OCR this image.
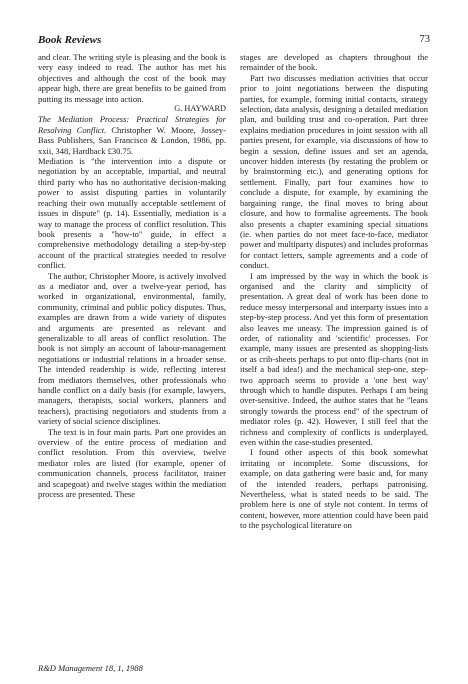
Book Reviews	73

and clear. The writing style is pleasing and the book is very easy indeed to read. The author has met his objectives and although the cost of the book may appear high, there are great benefits to be gained from putting its message into action.

G. HAYWARD

The Mediation Process: Practical Strategies for Resolving Conflict. Christopher W. Moore, Jossey-Bass Publishers, San Francisco & London, 1986, pp. xxii, 348, Hardback £30.75.

Mediation is "the intervention into a dispute or negotiation by an acceptable, impartial, and neutral third party who has no authoritative decision-making power to assist disputing parties in voluntarily reaching their own mutually acceptable settlement of issues in dispute" (p. 14). Essentially, mediation is a way to manage the process of conflict resolution. This book presents a "how-to" guide, in effect a comprehensive methodology detailing a step-by-step account of the practical strategies needed to resolve conflict.

The author, Christopher Moore, is actively involved as a mediator and, over a twelve-year period, has worked in organizational, environmental, family, community, criminal and public policy disputes. Thus, examples are drawn from a wide variety of disputes and arguments are presented as relevant and generalizable to all areas of conflict resolution. The book is not simply an account of labour-management negotiations or industrial relations in a broader sense. The intended readership is wide, reflecting interest from mediators themselves, other professionals who handle conflict on a daily basis (for example, lawyers, managers, therapists, social workers, planners and teachers), practising negotiators and students from a variety of social science disciplines.

The text is in four main parts. Part one provides an overview of the entire process of mediation and conflict resolution. From this overview, twelve mediator roles are listed (for example, opener of communication channels, process facilitator, trainer and scapegoat) and twelve stages within the mediation process are presented. These

stages are developed as chapters throughout the remainder of the book.

Part two discusses mediation activities that occur prior to joint negotiations between the disputing parties, for example, forming initial contacts, strategy selection, data analysis, designing a detailed mediation plan, and building trust and co-operation. Part three explains mediation procedures in joint session with all parties present, for example, via discussions of how to begin a session, define issues and set an agenda, uncover hidden interests (by restating the problem or by brainstorming etc.), and generating options for settlement. Finally, part four examines how to conclude a dispute, for example, by examining the bargaining range, the final moves to bring about closure, and how to formalise agreements. The book also presents a chapter examining special situations (ie. when parties do not meet face-to-face, mediator power and multiparty disputes) and includes proformas for contact letters, sample agreements and a code of conduct.

I am impressed by the way in which the book is organised and the clarity and simplicity of presentation. A great deal of work has been done to reduce messy interpersonal and interparty issues into a step-by-step process. And yet this form of presentation also leaves me uneasy. The impression gained is of order, of rationality and 'scientific' processes. For example, many issues are presented as shopping-lists or as crib-sheets perhaps to put onto flip-charts (not in itself a bad idea!) and the mechanical step-one, step-two approach seems to provide a 'one best way' through which to handle disputes. Perhaps I am being over-sensitive. Indeed, the author states that he "leans strongly towards the process end" of the spectrum of mediator roles (p. 42). However, I still feel that the richness and complexity of conflicts is underplayed, even within the case-studies presented.

I found other aspects of this book somewhat irritating or incomplete. Some discussions, for example, on data gathering were basic and, for many of the intended readers, perhaps patronising. Nevertheless, what is stated needs to be said. The problem here is one of style not content. In terms of content, however, more attention could have been paid to the psychological literature on

R&D Management 18, 1, 1988
